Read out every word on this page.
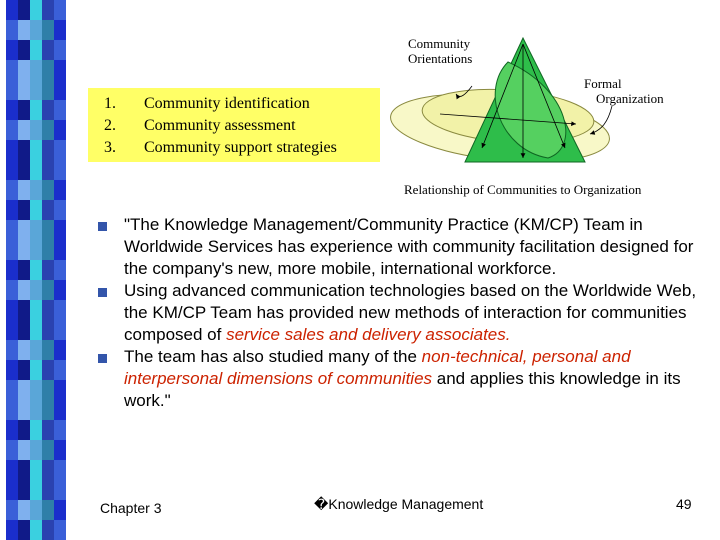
1. Community identification
2. Community assessment
3. Community support strategies
Community
Orientations
Formal
Organization
Relationship of Communities to Organization
"The Knowledge Management/Community Practice (KM/CP) Team in Worldwide Services has experience with community facilitation designed for the company's new, more mobile, international workforce.
Using advanced communication technologies based on the Worldwide Web, the KM/CP Team has provided new methods of interaction for communities composed of service sales and delivery associates.
The team has also studied many of the non-technical, personal and interpersonal dimensions of communities and applies this knowledge in its work."
Chapter 3	�Knowledge Management	49
